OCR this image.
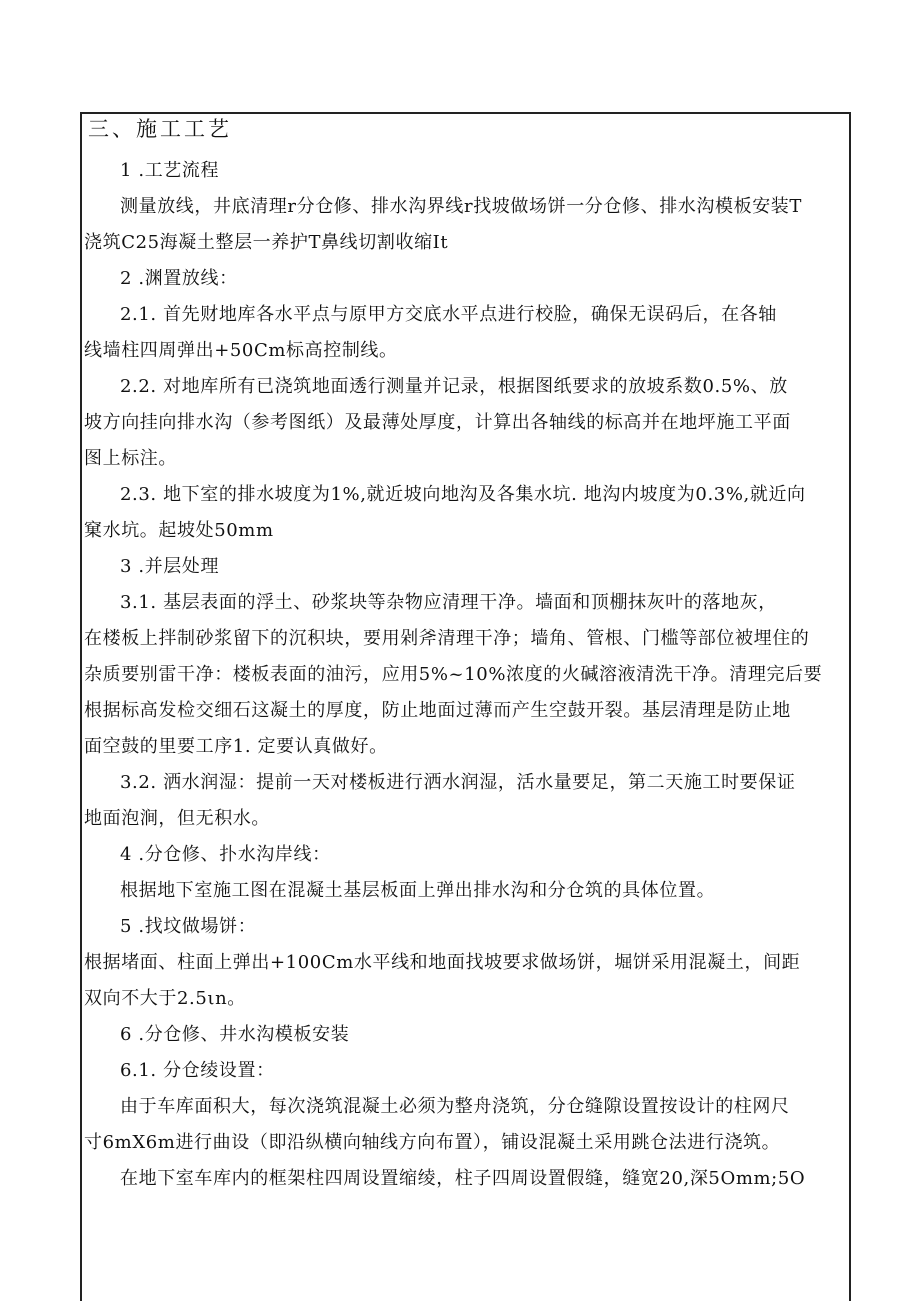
三、施工工艺
1 .工艺流程
测量放线，井底清理r分仓修、排水沟界线r找坡做场饼一分仓修、排水沟模板安装T
浇筑C25海凝土整层一养护T鼻线切割收缩It
2 .渊置放线：
2.1. 首先财地库各水平点与原甲方交底水平点进行校脸，确保无误码后，在各轴
线墙柱四周弹出+50Cm标高控制线。
2.2. 对地库所有已浇筑地面透行测量并记录，根据图纸要求的放坡系数0.5%、放
坡方向挂向排水沟（参考图纸）及最薄处厚度，计算出各轴线的标高并在地坪施工平面
图上标注。
2.3. 地下室的排水坡度为1%,就近坡向地沟及各集水坑. 地沟内坡度为0.3%,就近向
窠水坑。起坡处50mm
3 .并层处理
3.1. 基层表面的浮土、砂浆块等杂物应清理干净。墙面和顶棚抹灰叶的落地灰，
在楼板上拌制砂浆留下的沉积块，要用剁斧清理干净；墙角、管根、门槛等部位被埋住的
杂质要别雷干净：楼板表面的油污，应用5%~10%浓度的火碱溶液清洗干净。清理完后要
根据标高发检交细石这凝土的厚度，防止地面过薄而产生空鼓开裂。基层清理是防止地
面空鼓的里要工序1. 定要认真做好。
3.2. 洒水润湿：提前一天对楼板进行洒水润湿，活水量要足，第二天施工时要保证
地面泡涧，但无积水。
4 .分仓修、扑水沟岸线：
根据地下室施工图在混凝土基层板面上弹出排水沟和分仓筑的具体位置。
5 .找坟做場饼：
根据堵面、柱面上弹出+100Cm水平线和地面找坡要求做场饼，堀饼采用混凝土，间距
双向不大于2.5ιn。
6 .分仓修、井水沟模板安装
6.1. 分仓绫设置：
由于车库面积大，每次浇筑混凝土必须为整舟浇筑，分仓缝隙设置按设计的柱网尺
寸6mX6m进行曲设（即沿纵横向轴线方向布置），铺设混凝土采用跳仓法进行浇筑。
在地下室车库内的框架柱四周设置缩绫，柱子四周设置假缝，缝宽20,深5Omm;5O
